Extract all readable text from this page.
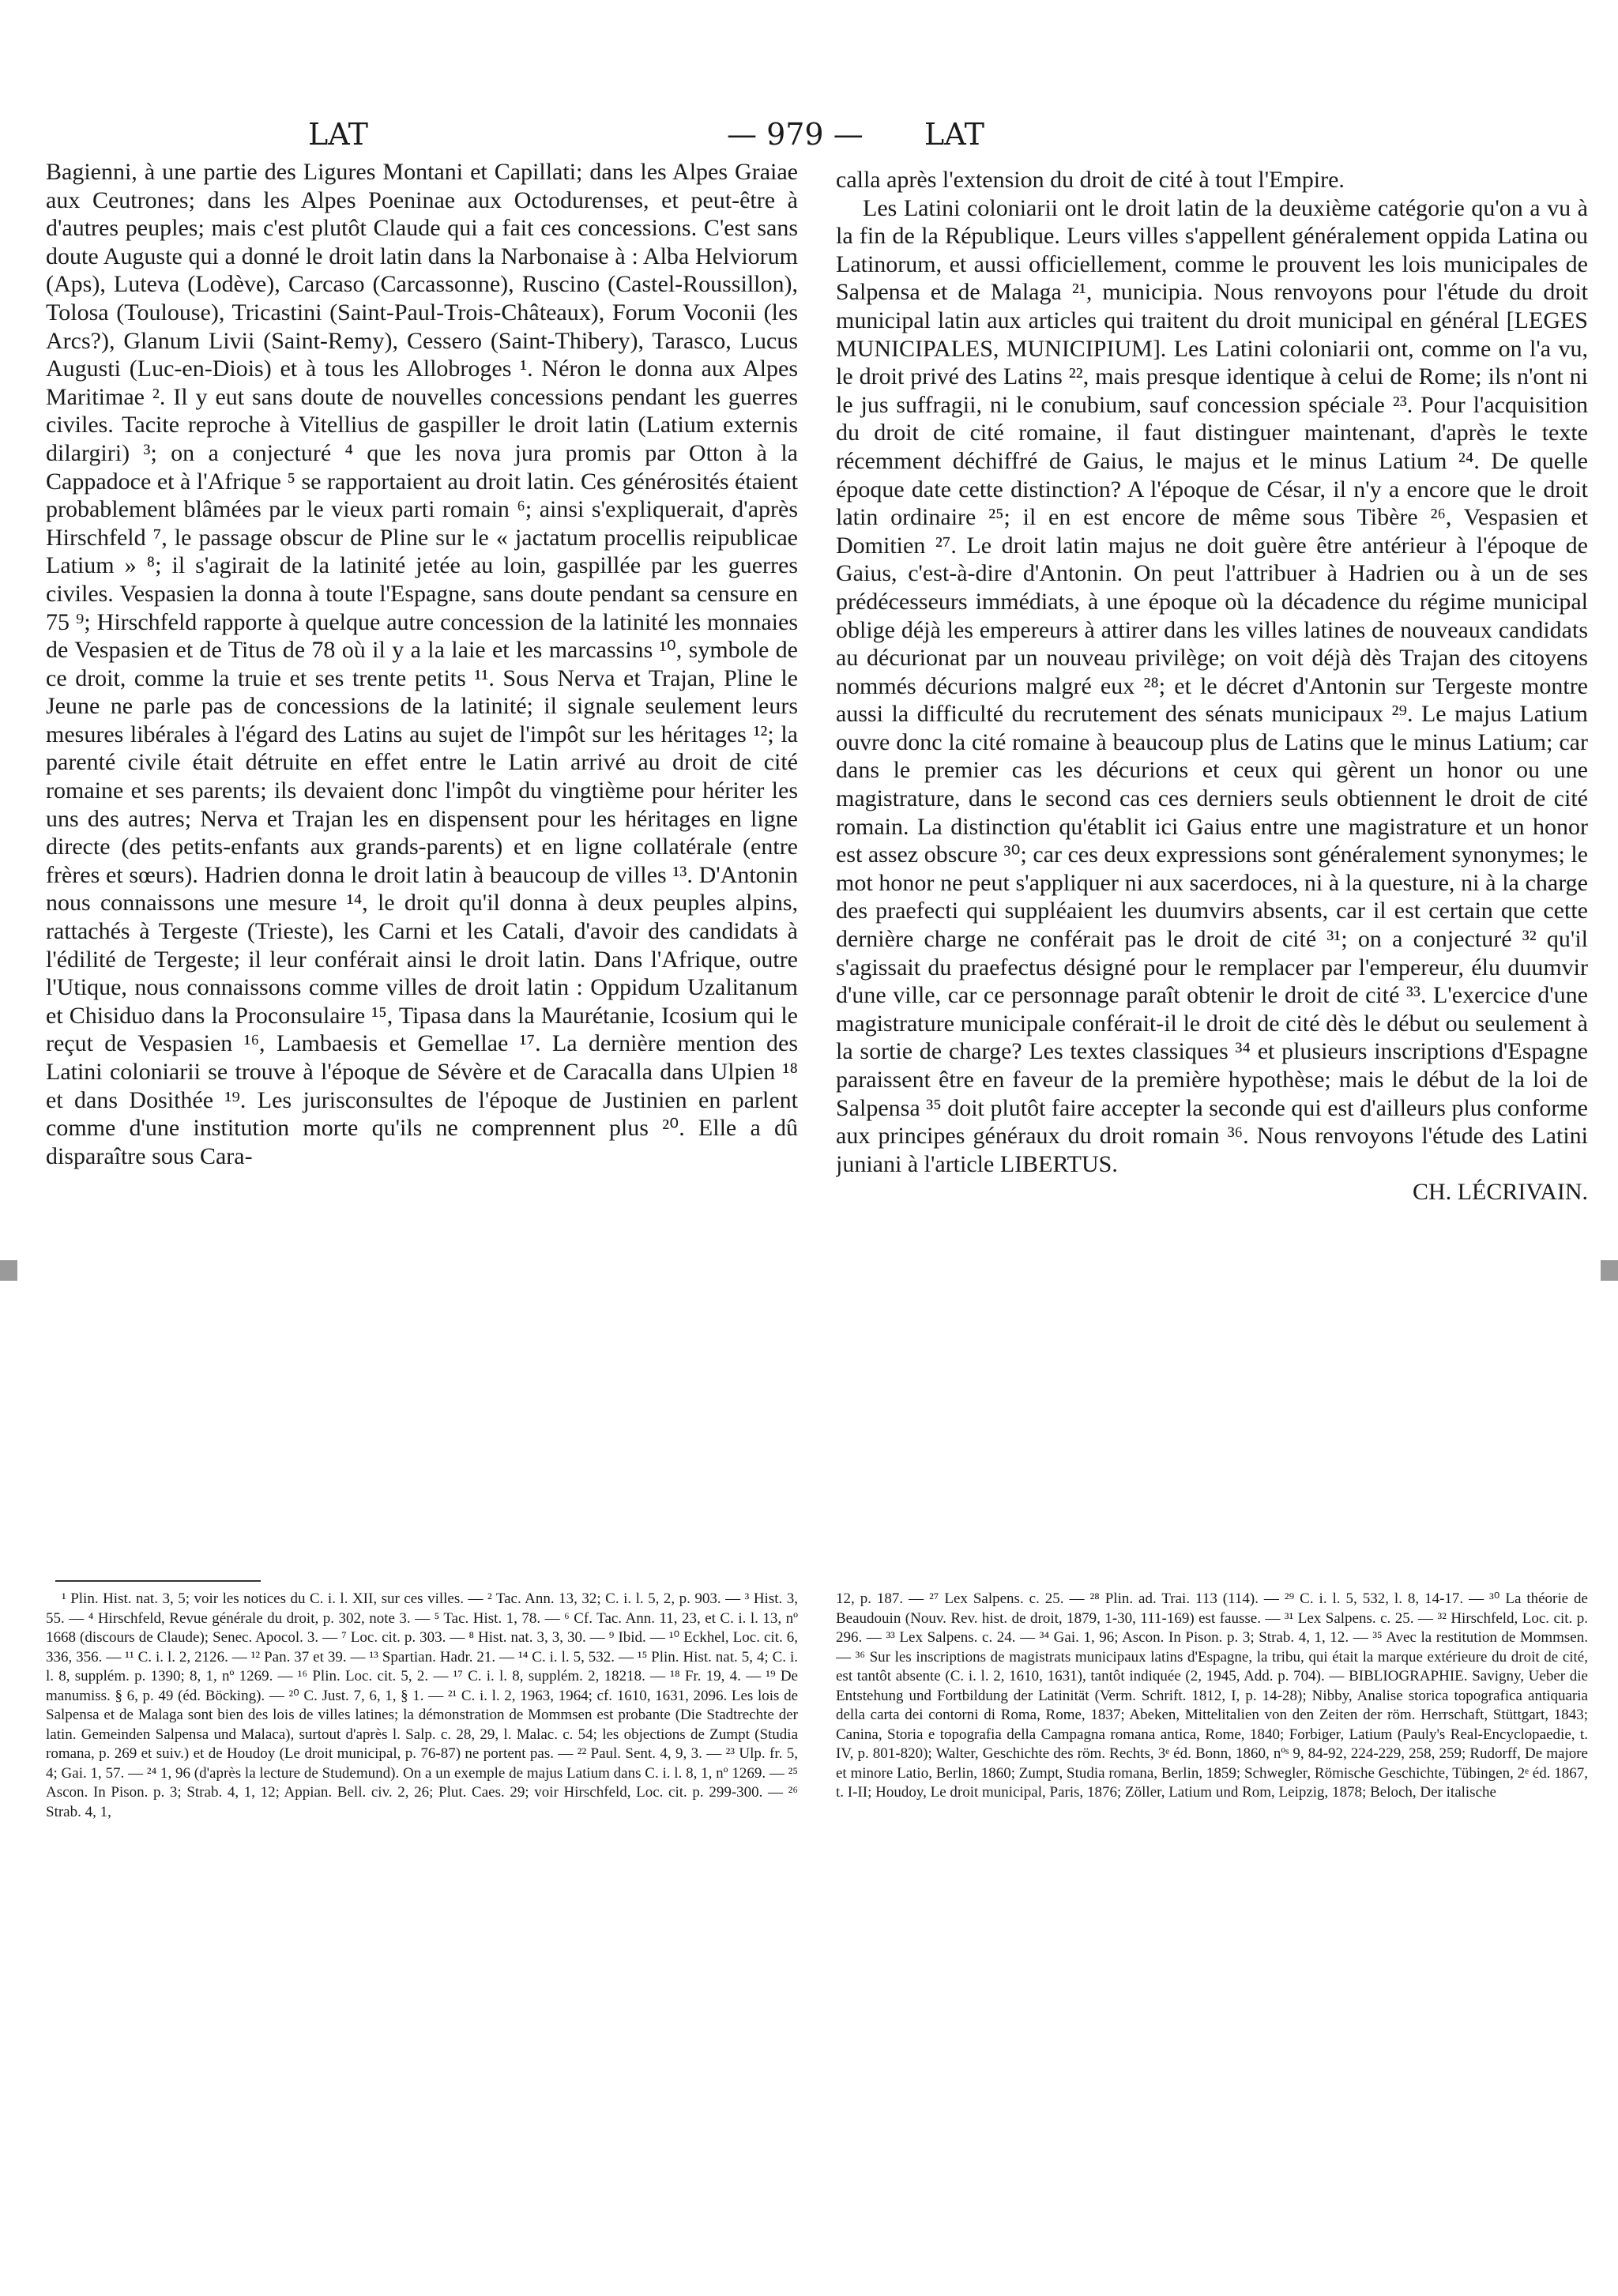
LAT	— 979 — LAT

Bagienni, à une partie des Ligures Montani et Capillati; dans les Alpes Graiae aux Ceutrones; dans les Alpes Poeninae aux Octodurenses, et peut-être à d'autres peuples; mais c'est plutôt Claude qui a fait ces concessions. C'est sans doute Auguste qui a donné le droit latin dans la Narbonaise à : Alba Helviorum (Aps), Luteva (Lodève), Carcaso (Carcassonne), Ruscino (Castel-Roussillon), Tolosa (Toulouse), Tricastini (Saint-Paul-Trois-Châteaux), Forum Voconii (les Arcs?), Glanum Livii (Saint-Remy), Cessero (Saint-Thibery), Tarasco, Lucus Augusti (Luc-en-Diois) et à tous les Allobroges ¹. Néron le donna aux Alpes Maritimae ². Il y eut sans doute de nouvelles concessions pendant les guerres civiles. Tacite reproche à Vitellius de gaspiller le droit latin (Latium externis dilargiri) ³; on a conjecturé ⁴ que les nova jura promis par Otton à la Cappadoce et à l'Afrique ⁵ se rapportaient au droit latin. Ces générosités étaient probablement blâmées par le vieux parti romain ⁶; ainsi s'expliquerait, d'après Hirschfeld ⁷, le passage obscur de Pline sur le « jactatum procellis reipublicae Latium » ⁸; il s'agirait de la latinité jetée au loin, gaspillée par les guerres civiles. Vespasien la donna à toute l'Espagne, sans doute pendant sa censure en 75 ⁹; Hirschfeld rapporte à quelque autre concession de la latinité les monnaies de Vespasien et de Titus de 78 où il y a la laie et les marcassins ¹⁰, symbole de ce droit, comme la truie et ses trente petits ¹¹. Sous Nerva et Trajan, Pline le Jeune ne parle pas de concessions de la latinité; il signale seulement leurs mesures libérales à l'égard des Latins au sujet de l'impôt sur les héritages ¹²; la parenté civile était détruite en effet entre le Latin arrivé au droit de cité romaine et ses parents; ils devaient donc l'impôt du vingtième pour hériter les uns des autres; Nerva et Trajan les en dispensent pour les héritages en ligne directe (des petits-enfants aux grands-parents) et en ligne collatérale (entre frères et sœurs). Hadrien donna le droit latin à beaucoup de villes ¹³. D'Antonin nous connaissons une mesure ¹⁴, le droit qu'il donna à deux peuples alpins, rattachés à Tergeste (Trieste), les Carni et les Catali, d'avoir des candidats à l'édilité de Tergeste; il leur conférait ainsi le droit latin. Dans l'Afrique, outre l'Utique, nous connaissons comme villes de droit latin : Oppidum Uzalitanum et Chisiduo dans la Proconsulaire ¹⁵, Tipasa dans la Maurétanie, Icosium qui le reçut de Vespasien ¹⁶, Lambaesis et Gemellae ¹⁷. La dernière mention des Latini coloniarii se trouve à l'époque de Sévère et de Caracalla dans Ulpien ¹⁸ et dans Dosithée ¹⁹. Les jurisconsultes de l'époque de Justinien en parlent comme d'une institution morte qu'ils ne comprennent plus ²⁰. Elle a dû disparaître sous Cara-

calla après l'extension du droit de cité à tout l'Empire.

Les Latini coloniarii ont le droit latin de la deuxième catégorie qu'on a vu à la fin de la République. Leurs villes s'appellent généralement oppida Latina ou Latinorum, et aussi officiellement, comme le prouvent les lois municipales de Salpensa et de Malaga ²¹, municipia. Nous renvoyons pour l'étude du droit municipal latin aux articles qui traitent du droit municipal en général [LEGES MUNICIPALES, MUNICIPIUM]. Les Latini coloniarii ont, comme on l'a vu, le droit privé des Latins ²², mais presque identique à celui de Rome; ils n'ont ni le jus suffragii, ni le conubium, sauf concession spéciale ²³. Pour l'acquisition du droit de cité romaine, il faut distinguer maintenant, d'après le texte récemment déchiffré de Gaius, le majus et le minus Latium ²⁴. De quelle époque date cette distinction? A l'époque de César, il n'y a encore que le droit latin ordinaire ²⁵; il en est encore de même sous Tibère ²⁶, Vespasien et Domitien ²⁷. Le droit latin majus ne doit guère être antérieur à l'époque de Gaius, c'est-à-dire d'Antonin. On peut l'attribuer à Hadrien ou à un de ses prédécesseurs immédiats, à une époque où la décadence du régime municipal oblige déjà les empereurs à attirer dans les villes latines de nouveaux candidats au décurionat par un nouveau privilège; on voit déjà dès Trajan des citoyens nommés décurions malgré eux ²⁸; et le décret d'Antonin sur Tergeste montre aussi la difficulté du recrutement des sénats municipaux ²⁹. Le majus Latium ouvre donc la cité romaine à beaucoup plus de Latins que le minus Latium; car dans le premier cas les décurions et ceux qui gèrent un honor ou une magistrature, dans le second cas ces derniers seuls obtiennent le droit de cité romain. La distinction qu'établit ici Gaius entre une magistrature et un honor est assez obscure ³⁰; car ces deux expressions sont généralement synonymes; le mot honor ne peut s'appliquer ni aux sacerdoces, ni à la questure, ni à la charge des praefecti qui suppléaient les duumvirs absents, car il est certain que cette dernière charge ne conférait pas le droit de cité ³¹; on a conjecturé ³² qu'il s'agissait du praefectus désigné pour le remplacer par l'empereur, élu duumvir d'une ville, car ce personnage paraît obtenir le droit de cité ³³. L'exercice d'une magistrature municipale conférait-il le droit de cité dès le début ou seulement à la sortie de charge? Les textes classiques ³⁴ et plusieurs inscriptions d'Espagne paraissent être en faveur de la première hypothèse; mais le début de la loi de Salpensa ³⁵ doit plutôt faire accepter la seconde qui est d'ailleurs plus conforme aux principes généraux du droit romain ³⁶. Nous renvoyons l'étude des Latini juniani à l'article LIBERTUS.

CH. LÉCRIVAIN.

¹ Plin. Hist. nat. 3, 5; voir les notices du C. i. l. XII, sur ces villes. — ² Tac. Ann. 13, 32; C. i. l. 5, 2, p. 903. — ³ Hist. 3, 55. — ⁴ Hirschfeld, Revue générale du droit, p. 302, note 3. — ⁵ Tac. Hist. 1, 78. — ⁶ Cf. Tac. Ann. 11, 23, et C. i. l. 13, nº 1668 (discours de Claude); Senec. Apocol. 3. — ⁷ Loc. cit. p. 303. — ⁸ Hist. nat. 3, 3, 30. — ⁹ Ibid. — ¹⁰ Eckhel, Loc. cit. 6, 336, 356. — ¹¹ C. i. l. 2, 2126. — ¹² Pan. 37 et 39. — ¹³ Spartian. Hadr. 21. — ¹⁴ C. i. l. 5, 532. — ¹⁵ Plin. Hist. nat. 5, 4; C. i. l. 8, supplém. p. 1390; 8, 1, nº 1269. — ¹⁶ Plin. Loc. cit. 5, 2. — ¹⁷ C. i. l. 8, supplém. 2, 18218. — ¹⁸ Fr. 19, 4. — ¹⁹ De manumiss. § 6, p. 49 (éd. Böcking). — ²⁰ C. Just. 7, 6, 1, § 1. — ²¹ C. i. l. 2, 1963, 1964; cf. 1610, 1631, 2096. Les lois de Salpensa et de Malaga sont bien des lois de villes latines; la démonstration de Mommsen est probante (Die Stadtrechte der latin. Gemeinden Salpensa und Malaca), surtout d'après l. Salp. c. 28, 29, l. Malac. c. 54; les objections de Zumpt (Studia romana, p. 269 et suiv.) et de Houdoy (Le droit municipal, p. 76-87) ne portent pas. — ²² Paul. Sent. 4, 9, 3. — ²³ Ulp. fr. 5, 4; Gai. 1, 57. — ²⁴ 1, 96 (d'après la lecture de Studemund). On a un exemple de majus Latium dans C. i. l. 8, 1, nº 1269. — ²⁵ Ascon. In Pison. p. 3; Strab. 4, 1, 12; Appian. Bell. civ. 2, 26; Plut. Caes. 29; voir Hirschfeld, Loc. cit. p. 299-300. — ²⁶ Strab. 4, 1,

12, p. 187. — ²⁷ Lex Salpens. c. 25. — ²⁸ Plin. ad. Trai. 113 (114). — ²⁹ C. i. l. 5, 532, l. 8, 14-17. — ³⁰ La théorie de Beaudouin (Nouv. Rev. hist. de droit, 1879, 1-30, 111-169) est fausse. — ³¹ Lex Salpens. c. 25. — ³² Hirschfeld, Loc. cit. p. 296. — ³³ Lex Salpens. c. 24. — ³⁴ Gai. 1, 96; Ascon. In Pison. p. 3; Strab. 4, 1, 12. — ³⁵ Avec la restitution de Mommsen. — ³⁶ Sur les inscriptions de magistrats municipaux latins d'Espagne, la tribu, qui était la marque extérieure du droit de cité, est tantôt absente (C. i. l. 2, 1610, 1631), tantôt indiquée (2, 1945, Add. p. 704). — BIBLIOGRAPHIE. Savigny, Ueber die Entstehung und Fortbildung der Latinität (Verm. Schrift. 1812, I, p. 14-28); Nibby, Analise storica topografica antiquaria della carta dei contorni di Roma, Rome, 1837; Abeken, Mittelitalien von den Zeiten der röm. Herrschaft, Stüttgart, 1843; Canina, Storia e topografia della Campagna romana antica, Rome, 1840; Forbiger, Latium (Pauly's Real-Encyclopaedie, t. IV, p. 801-820); Walter, Geschichte des röm. Rechts, 3ᵉ éd. Bonn, 1860, nºˢ 9, 84-92, 224-229, 258, 259; Rudorff, De majore et minore Latio, Berlin, 1860; Zumpt, Studia romana, Berlin, 1859; Schwegler, Römische Geschichte, Tübingen, 2ᵉ éd. 1867, t. I-II; Houdoy, Le droit municipal, Paris, 1876; Zöller, Latium und Rom, Leipzig, 1878; Beloch, Der italische
